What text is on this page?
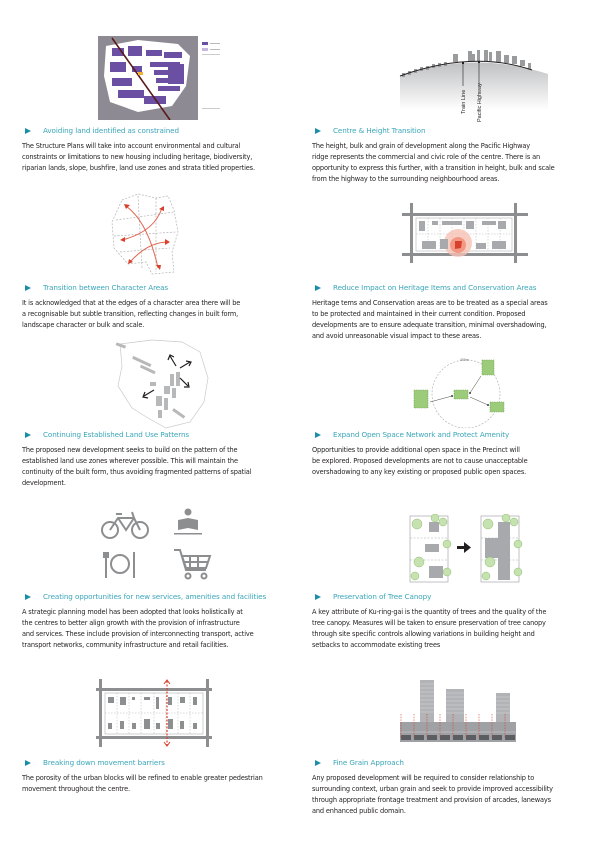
Train Line Pacific Highway
400m
Avoiding land identified as constrained
The Structure Plans will take into account environmental and cultural
constraints or limitations to new housing including heritage, biodiversity,
riparian lands, slope, bushfire, land use zones and strata titled properties.
Centre & Height Transition
The height, bulk and grain of development along the Pacific Highway
ridge represents the commercial and civic role of the centre. There is an
opportunity to express this further, with a transition in height, bulk and scale
from the highway to the surrounding neighbourhood areas.
Transition between Character Areas
It is acknowledged that at the edges of a character area there will be
a recognisable but subtle transition, reflecting changes in built form,
landscape character or bulk and scale.
Reduce Impact on Heritage Items and Conservation Areas
Heritage tems and Conservation areas are to be treated as a special areas
to be protected and maintained in their current condition. Proposed
developments are to ensure adequate transition, minimal overshadowing,
and avoid unreasonable visual impact to these areas.
Continuing Established Land Use Patterns
The proposed new development seeks to build on the pattern of the
established land use zones wherever possible. This will maintain the
continuity of the built form, thus avoiding fragmented patterns of spatial
development.
Expand Open Space Network and Protect Amenity
Opportunities to provide additional open space in the Precinct will
be explored. Proposed developments are not to cause unacceptable
overshadowing to any key existing or proposed public open spaces.
Creating opportunities for new services, amenities and facilities
A strategic planning model has been adopted that looks holistically at
the centres to better align growth with the provision of infrastructure
and services. These include provision of interconnecting transport, active
transport networks, community infrastructure and retail facilities.
Preservation of Tree Canopy
A key attribute of Ku-ring-gai is the quantity of trees and the quality of the
tree canopy. Measures will be taken to ensure preservation of tree canopy
through site specific controls allowing variations in building height and
setbacks to accommodate existing trees
Breaking down movement barriers
The porosity of the urban blocks will be refined to enable greater pedestrian
movement throughout the centre.
Fine Grain Approach
Any proposed development will be required to consider relationship to
surrounding context, urban grain and seek to provide improved accessibility
through appropriate frontage treatment and provision of arcades, laneways
and enhanced public domain.
